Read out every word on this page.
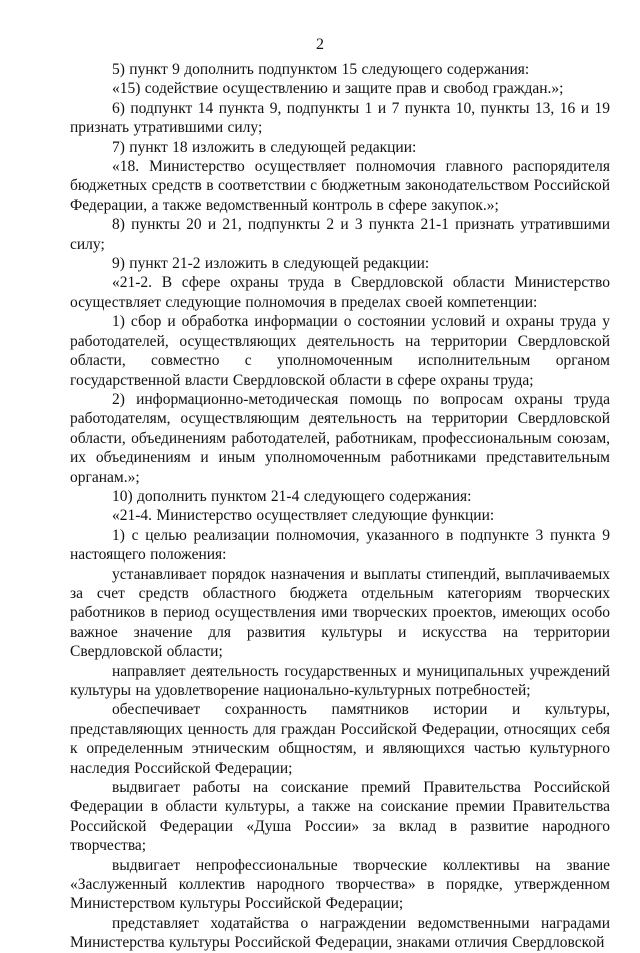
2

5) пункт 9 дополнить подпунктом 15 следующего содержания:

«15) содействие осуществлению и защите прав и свобод граждан.»;

6) подпункт 14 пункта 9, подпункты 1 и 7 пункта 10, пункты 13, 16 и 19 признать утратившими силу;

7) пункт 18 изложить в следующей редакции:

«18. Министерство осуществляет полномочия главного распорядителя бюджетных средств в соответствии с бюджетным законодательством Российской Федерации, а также ведомственный контроль в сфере закупок.»;

8) пункты 20 и 21, подпункты 2 и 3 пункта 21-1 признать утратившими силу;

9) пункт 21-2 изложить в следующей редакции:

«21-2. В сфере охраны труда в Свердловской области Министерство осуществляет следующие полномочия в пределах своей компетенции:

1) сбор и обработка информации о состоянии условий и охраны труда у работодателей, осуществляющих деятельность на территории Свердловской области, совместно с уполномоченным исполнительным органом государственной власти Свердловской области в сфере охраны труда;

2) информационно-методическая помощь по вопросам охраны труда работодателям, осуществляющим деятельность на территории Свердловской области, объединениям работодателей, работникам, профессиональным союзам, их объединениям и иным уполномоченным работниками представительным органам.»;

10) дополнить пунктом 21-4 следующего содержания:

«21-4. Министерство осуществляет следующие функции:

1) с целью реализации полномочия, указанного в подпункте 3 пункта 9 настоящего положения:

устанавливает порядок назначения и выплаты стипендий, выплачиваемых за счет средств областного бюджета отдельным категориям творческих работников в период осуществления ими творческих проектов, имеющих особо важное значение для развития культуры и искусства на территории Свердловской области;

направляет деятельность государственных и муниципальных учреждений культуры на удовлетворение национально-культурных потребностей;

обеспечивает сохранность памятников истории и культуры, представляющих ценность для граждан Российской Федерации, относящих себя к определенным этническим общностям, и являющихся частью культурного наследия Российской Федерации;

выдвигает работы на соискание премий Правительства Российской Федерации в области культуры, а также на соискание премии Правительства Российской Федерации «Душа России» за вклад в развитие народного творчества;

выдвигает непрофессиональные творческие коллективы на звание «Заслуженный коллектив народного творчества» в порядке, утвержденном Министерством культуры Российской Федерации;

представляет ходатайства о награждении ведомственными наградами Министерства культуры Российской Федерации, знаками отличия Свердловской
